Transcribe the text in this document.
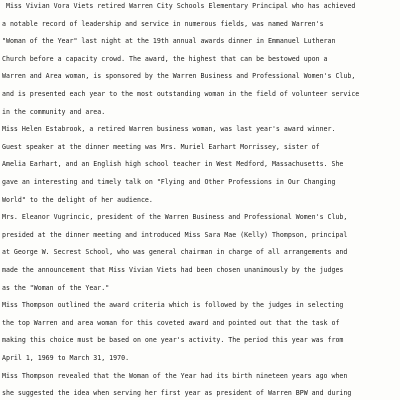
Miss Vivian Vora Viets retired Warren City Schools Elementary Principal who has achieved
a notable record of leadership and service in numerous fields, was named Warren's
"Woman of the Year" last night at the 19th annual awards dinner in Emmanuel Lutheran
Church before a capacity crowd. The award, the highest that can be bestowed upon a
Warren and Area woman, is sponsored by the Warren Business and Professional Women's Club,
and is presented each year to the most outstanding woman in the field of volunteer service
in the community and area.
Miss Helen Estabrook, a retired Warren business woman, was last year's award winner.
Guest speaker at the dinner meeting was Mrs. Muriel Earhart Morrissey, sister of
Amelia Earhart, and an English high school teacher in West Medford, Massachusetts. She
gave an interesting and timely talk on "Flying and Other Professions in Our Changing
World" to the delight of her audience.
Mrs. Eleanor Vugrincic, president of the Warren Business and Professional Women's Club,
presided at the dinner meeting and introduced Miss Sara Mae (Kelly) Thompson, principal
at George W. Secrest School, who was general chairman in charge of all arrangements and
made the announcement that Miss Vivian Viets had been chosen unanimously by the judges
as the "Woman of the Year."
Miss Thompson outlined the award criteria which is followed by the judges in selecting
the top Warren and area woman for this coveted award and pointed out that the task of
making this choice must be based on one year's activity. The period this year was from
April 1, 1969 to March 31, 1970.
Miss Thompson revealed that the Woman of the Year had its birth nineteen years ago when
she suggested the idea when serving her first year as president of Warren BPW and during
